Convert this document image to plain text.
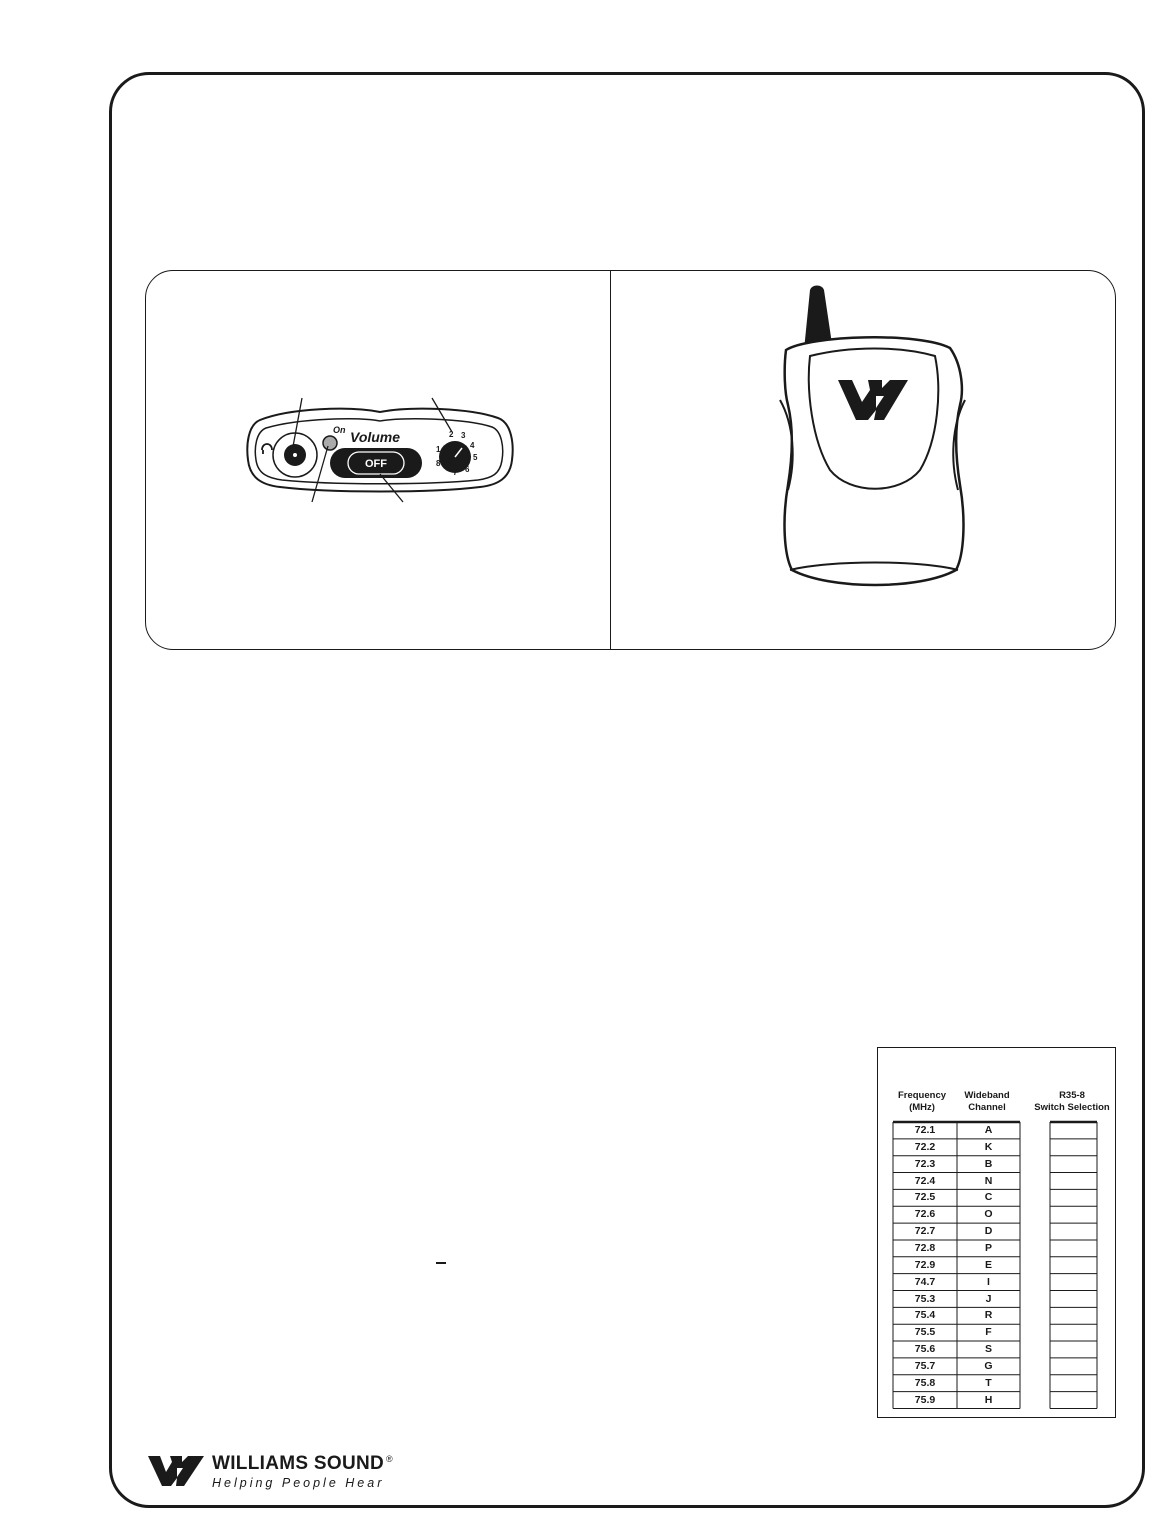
On Volume
OFF
2 3
4
5
6
7
8
1
Frequency
(MHz)
Wideband
Channel
R35-8
Switch Selection
72.1	A
72.2	K
72.3	B
72.4	N
72.5	C
72.6	O
72.7	D
72.8	P
72.9	E
74.7	I
75.3	J
75.4	R
75.5	F
75.6	S
75.7	G
75.8	T
75.9	H
WILLIAMS SOUND ®
Helping People Hear
